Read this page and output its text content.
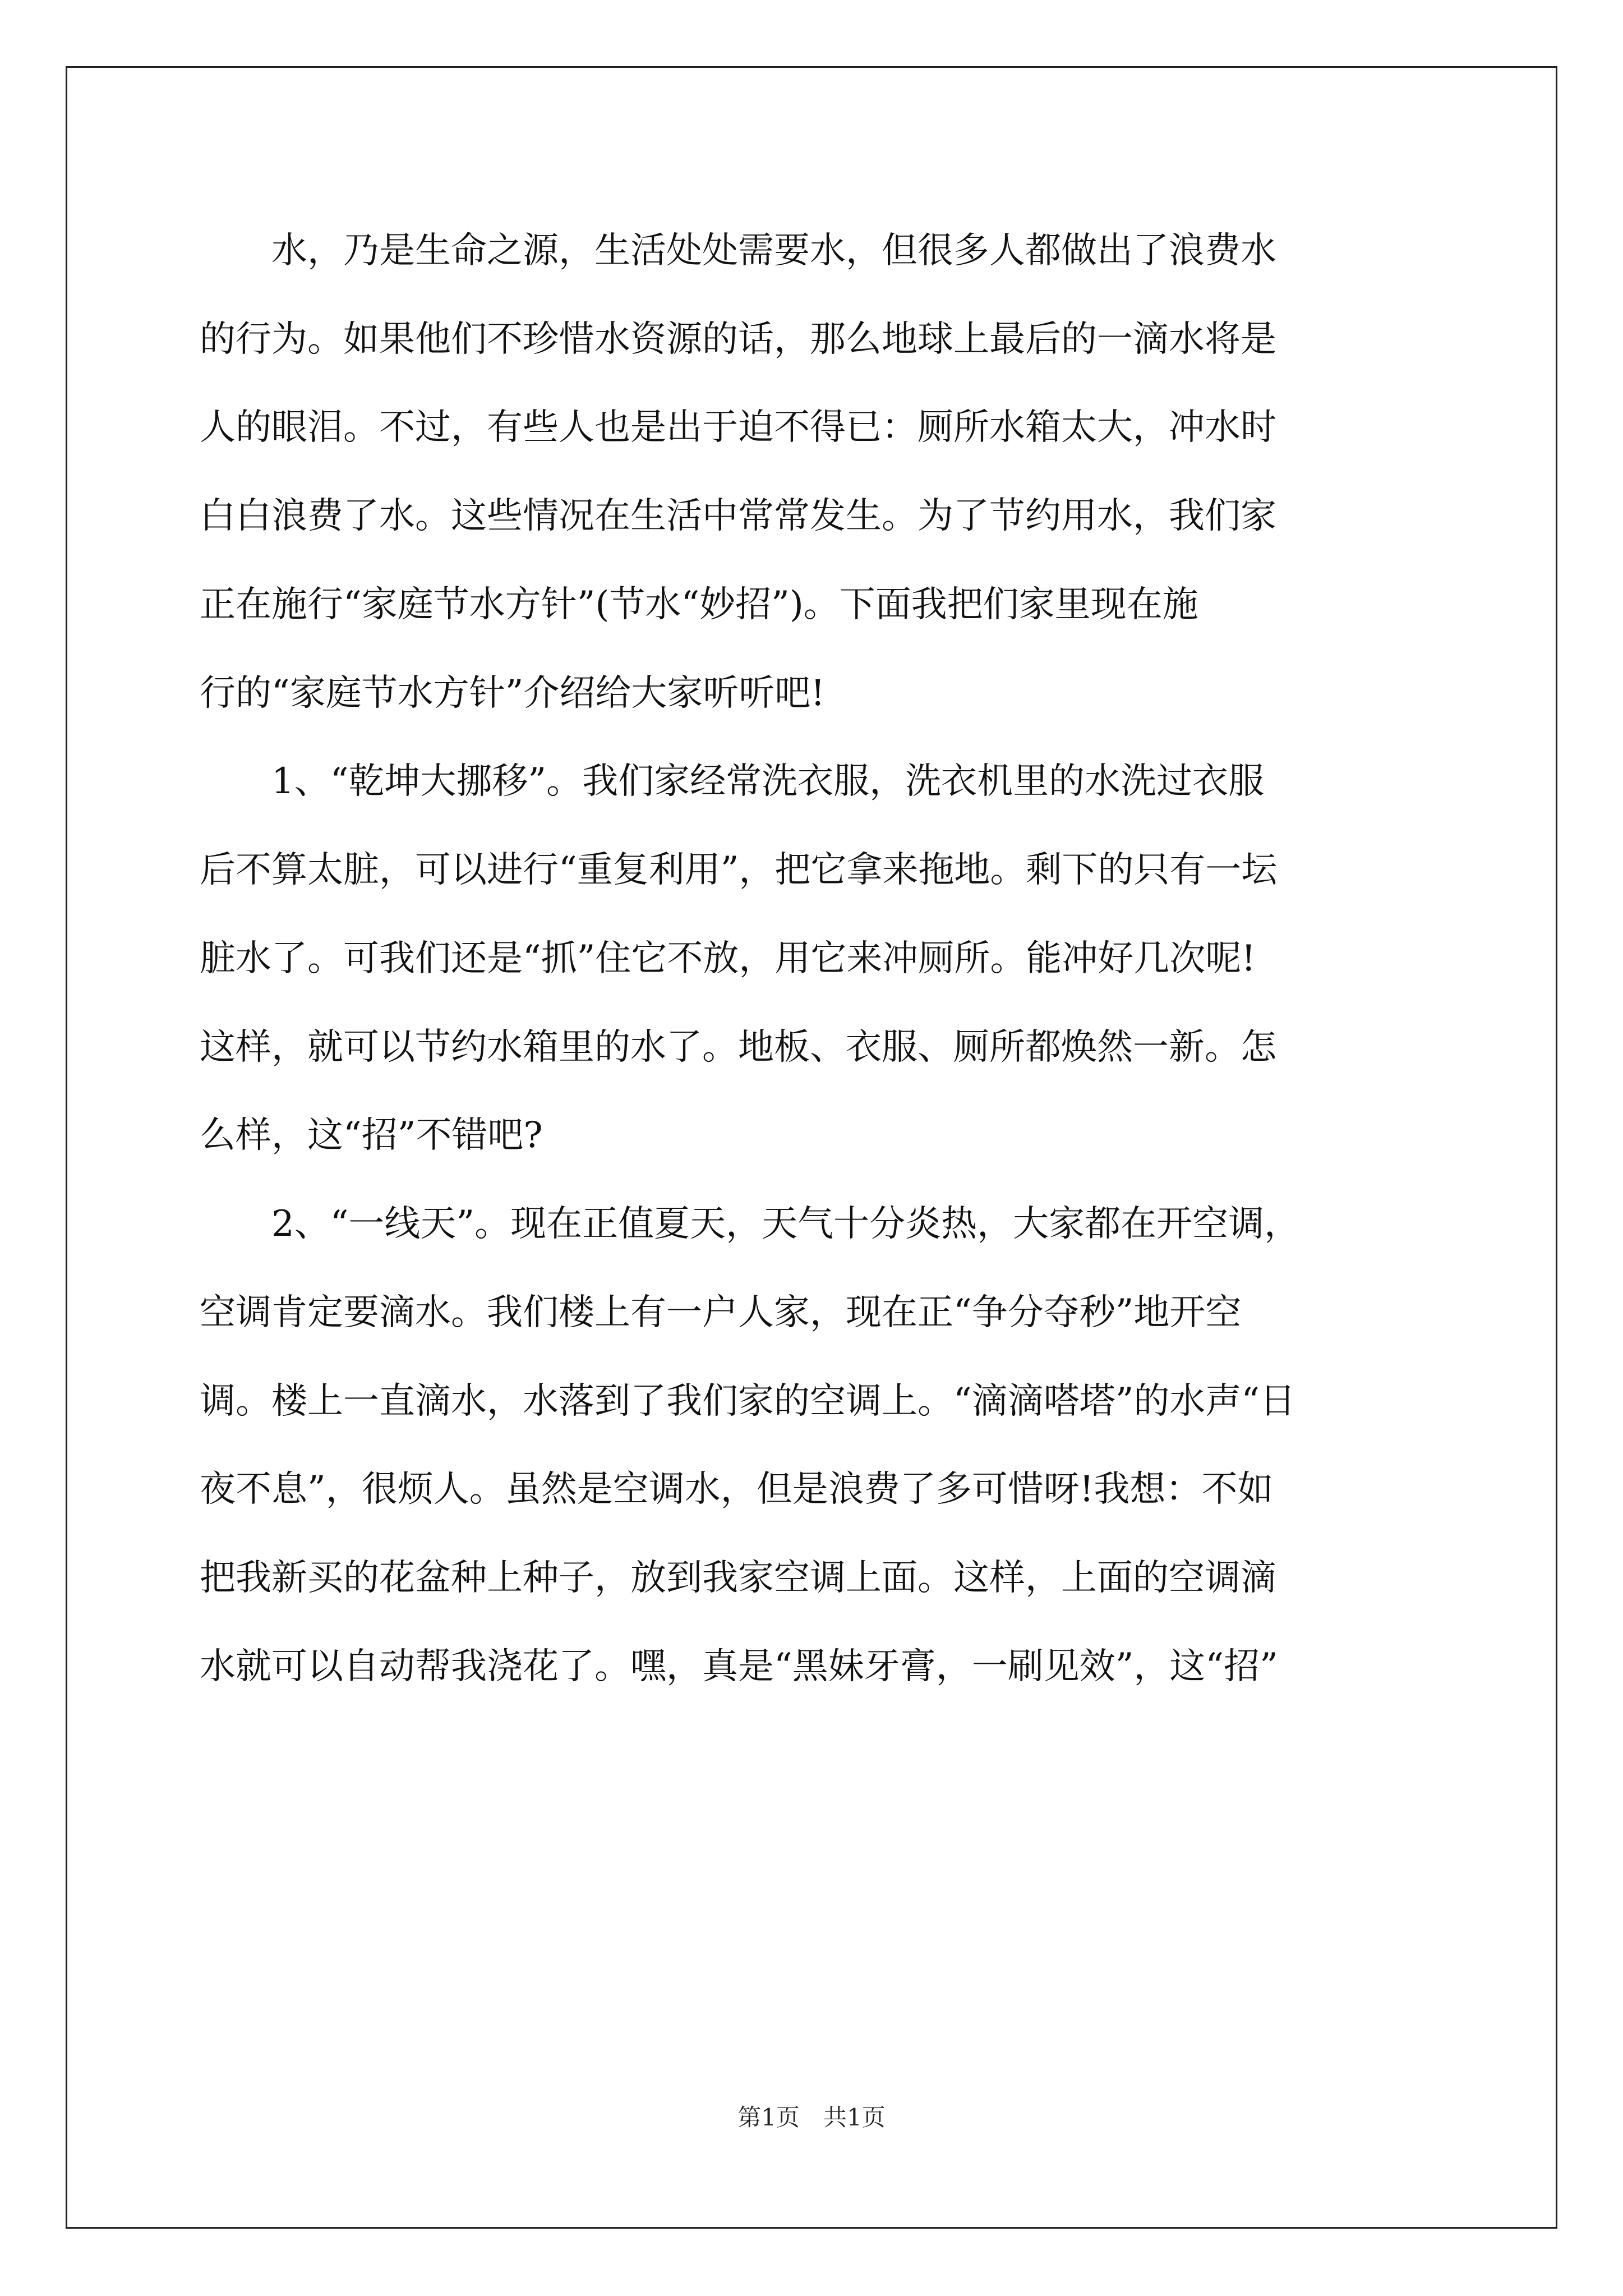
　　水，乃是生命之源，生活处处需要水，但很多人都做出了浪费水
的行为。如果他们不珍惜水资源的话，那么地球上最后的一滴水将是
人的眼泪。不过，有些人也是出于迫不得已：厕所水箱太大，冲水时
白白浪费了水。这些情况在生活中常常发生。为了节约用水，我们家
正在施行“家庭节水方针”(节水“妙招”)。下面我把们家里现在施
行的“家庭节水方针”介绍给大家听听吧!
　　1、“乾坤大挪移”。我们家经常洗衣服，洗衣机里的水洗过衣服
后不算太脏，可以进行“重复利用”，把它拿来拖地。剩下的只有一坛
脏水了。可我们还是“抓”住它不放，用它来冲厕所。能冲好几次呢!
这样，就可以节约水箱里的水了。地板、衣服、厕所都焕然一新。怎
么样，这“招”不错吧?
　　2、“一线天”。现在正值夏天，天气十分炎热，大家都在开空调，
空调肯定要滴水。我们楼上有一户人家，现在正“争分夺秒”地开空
调。楼上一直滴水，水落到了我们家的空调上。“滴滴嗒塔”的水声“日
夜不息”，很烦人。虽然是空调水，但是浪费了多可惜呀!我想：不如
把我新买的花盆种上种子，放到我家空调上面。这样，上面的空调滴
水就可以自动帮我浇花了。嘿，真是“黑妹牙膏，一刷见效”，这“招”
第1页　共1页
